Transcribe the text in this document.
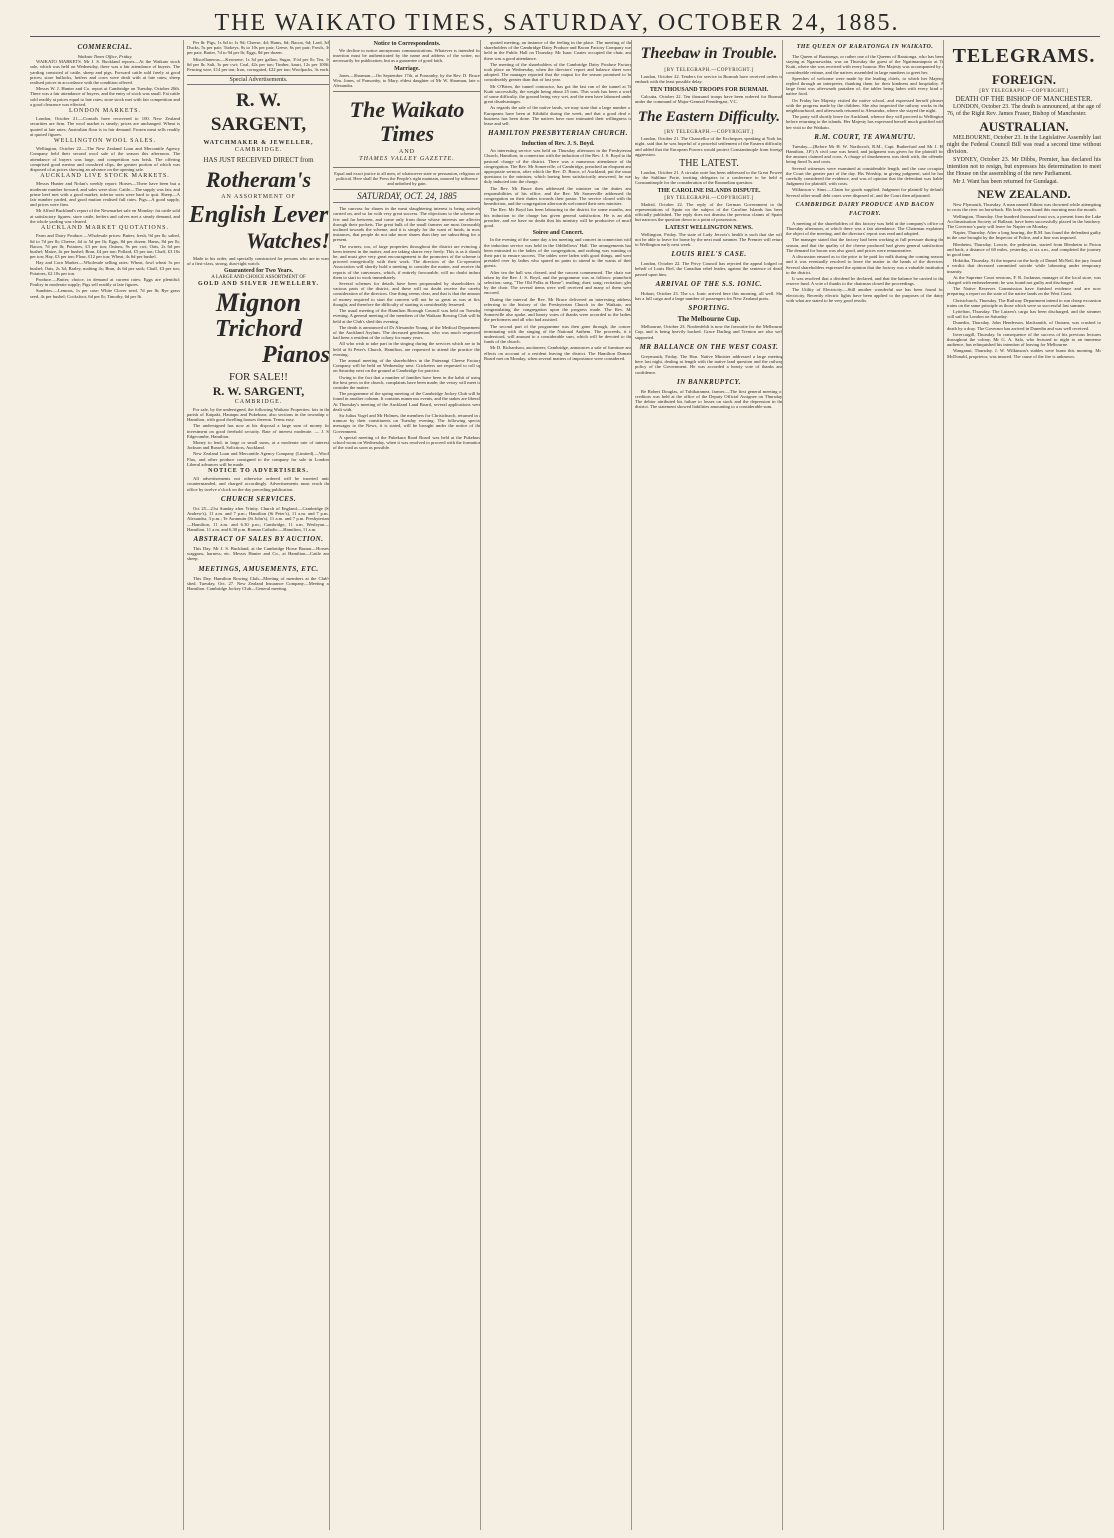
THE WAIKATO TIMES, SATURDAY, OCTOBER 24, 1885.
COMMERCIAL.
Waikato Times Office, Friday.

WAIKATO MARKETS. Mr J. S. Buckland reports—At the Waikato stock sale, which was held on Wednesday, there was a fair attendance of buyers. The yarding consisted of cattle, sheep and pigs. Forward cattle sold freely at good prices; store bullocks, heifers and cows were dealt with at late rates; sheep realised prices in accordance with the condition offered.

Messrs W. J. Hunter and Co. report at Cambridge on Tuesday, October 20th. There was a fair attendance of buyers, and the entry of stock was small. Fat cattle sold readily at prices equal to late rates; store stock met with fair competition and a good clearance was effected.

LONDON MARKETS.

London, October 21.—Consols have recovered to 100. New Zealand securities are firm. The wool market is steady; prices are unchanged. Wheat is quoted at late rates; Australian flour is in fair demand. Frozen meat sells readily at quoted figures.

WELLINGTON WOOL SALES.

Wellington, October 22.—The New Zealand Loan and Mercantile Agency Company held their second wool sale of the season this afternoon. The attendance of buyers was large, and competition was brisk. The offering comprised good merino and crossbred clips, the greater portion of which was disposed of at prices showing an advance on the opening sale.

AUCKLAND LIVE STOCK MARKETS.

Messrs Hunter and Nolan's weekly report: Horses—There have been but a moderate number forward, and sales were slow. Cattle—The supply was fair, and prime beef met with a good market; inferior sorts were hard to quit. Sheep—A fair number yarded, and good mutton realised full rates. Pigs—A good supply, and prices were firm.

Mr Alfred Buckland's report of the Newmarket sale on Monday: fat cattle sold at satisfactory figures; store cattle, heifers and calves met a steady demand, and the whole yarding was cleared.

AUCKLAND MARKET QUOTATIONS.

Farm and Dairy Produce.—Wholesale prices: Butter, fresh, 9d per lb; salted, 6d to 7d per lb; Cheese, 4d to 5d per lb; Eggs, 8d per dozen; Hams, 8d per lb; Bacon, 7d per lb; Potatoes, £3 per ton; Onions, 9s per cwt; Oats, 2s 6d per bushel; Maize, 4s per bushel; Bran, £4 per ton; Pollard, £5 per ton; Chaff, £3 10s per ton; Hay, £3 per ton; Flour, £12 per ton; Wheat, 4s 6d per bushel.

Hay and Corn Market.—Wholesale selling rates: Wheat, fowl wheat 3s per bushel; Oats, 2s 3d; Barley, malting 4s; Bran, 4s 6d per sack; Chaff, £3 per ton; Potatoes, £2 10s per ton.

Produce.—Butter, choice, in demand at current rates; Eggs are plentiful; Poultry in moderate supply; Pigs sell readily at late figures.

Sundries.—Lemons, 1s per case; White Clover seed, 7d per lb; Rye grass seed, 4s per bushel; Cocksfoot, 6d per lb; Timothy, 6d per lb.

Per lb: Pigs, 1s 6d to 1s 9d; Cheese, 4d; Hams, 6d; Bacon, 6d; Lard, 3d; Ducks, 5s per pair; Turkeys, 8s to 10s per pair; Geese, 6s per pair; Fowls, 3s per pair; Butter, 7d to 9d per lb; Eggs, 8d per dozen.

Miscellaneous.—Kerosene, 1s 3d per gallon; Sugar, 3½d per lb; Tea, 1s 6d per lb; Salt, 3s per cwt; Coal, 42s per ton; Timber, kauri, 12s per 100ft; Fencing wire, £14 per ton; Iron, corrugated, £22 per ton; Woolpacks, 3s each.

Special Advertisements.
R. W. SARGENT,
WATCHMAKER & JEWELLER,
CAMBRIDGE.
HAS JUST RECEIVED DIRECT from
Rotheram's
AN ASSORTMENT OF
English Lever
Watches!

Made to his order, and specially constructed for persons who are in want of a first-class, strong, dust-tight watch.

Guaranteed for Two Years.
A LARGE AND CHOICE ASSORTMENT OF
GOLD AND SILVER JEWELLERY.
Mignon
Trichord
Pianos
FOR SALE!!
R. W. SARGENT,
CAMBRIDGE.

For sale, by the undersigned, the following Waikato Properties: lots in the parish of Kaipaki, Hautapu and Pukekura; also sections in the township of Hamilton, with good dwelling houses thereon. Terms easy.

The undersigned has now at his disposal a large sum of money for investment on good freehold security. Rate of interest moderate. — J. S. Edgecumbe, Hamilton.

Money to lend, in large or small sums, at a moderate rate of interest. Jackson and Russell, Solicitors, Auckland.

New Zealand Loan and Mercantile Agency Company (Limited).—Wool, Flax, and other produce consigned to the company for sale in London. Liberal advances will be made.

NOTICE TO ADVERTISERS.

All advertisements not otherwise ordered will be inserted until countermanded, and charged accordingly. Advertisements must reach the office by twelve o'clock on the day preceding publication.

CHURCH SERVICES.

Oct 25—21st Sunday after Trinity. Church of England.—Cambridge (St Andrew's), 11 a.m. and 7 p.m.; Hamilton (St Peter's), 11 a.m. and 7 p.m.; Alexandra, 3 p.m.; Te Awamutu (St John's), 11 a.m. and 7 p.m. Presbyterian.—Hamilton, 11 a.m. and 6.30 p.m.; Cambridge, 11 a.m. Wesleyan.—Hamilton, 11 a.m. and 6.30 p.m. Roman Catholic.—Hamilton, 11 a.m.

ABSTRACT OF SALES BY AUCTION.

This Day. Mr J. S. Buckland, at the Cambridge Horse Bazaar—Horses, waggons, harness, etc. Messrs Hunter and Co., at Hamilton—Cattle and sheep.

MEETINGS, AMUSEMENTS, ETC.

This Day. Hamilton Rowing Club—Meeting of members at the Club's shed. Tuesday, Oct. 27. New Zealand Insurance Company—Meeting at Hamilton. Cambridge Jockey Club—General meeting.

Notice to Correspondents.

We decline to notice anonymous communications. Whatever is intended for insertion must be authenticated by the name and address of the writer, not necessarily for publication, but as a guarantee of good faith.

Marriage.

Jones—Sharman.—On September 17th, at Ponsonby, by the Rev. D. Bruce, Wm. Jones, of Ponsonby, to Mary, eldest daughter of Mr W. Sharman, late of Alexandra.

The Waikato Times
AND
THAMES VALLEY GAZETTE.
Equal and exact justice to all men, of whatsoever state or persuasion, religious or political. Here shall the Press the People's right maintain, unawed by influence and unbribed by gain.
SATURDAY, OCT. 24, 1885

The canvass for shares in the meat slaughtering interest is being actively carried on, and so far with very great success. The objections to the scheme are few and far between, and come only from those whose interests are affected through their pockets. The great bulk of the small farmers are most favourably inclined towards the scheme, and it is simply for the want of funds, in most instances, that people do not take more shares than they are subscribing for at present.

The owners, too, of large properties throughout the district are evincing a keen interest in the matter, and are taking shares very freely. This is as it should be, and must give very great encouragement to the promoters of the scheme to proceed energetically with their work. The directors of the Co-operative Association will shortly hold a meeting to consider the matter, and receive the reports of the canvassers, which, if entirely favourable, will no doubt induce them to start to work immediately.

Several schemes for details have been propounded by shareholders in various parts of the district, and these will no doubt receive the careful consideration of the directors. One thing seems clear, and that is that the amount of money required to start the concern will not be so great as was at first thought, and therefore the difficulty of starting is considerably lessened.

The usual meeting of the Hamilton Borough Council was held on Tuesday evening. A general meeting of the members of the Waikato Rowing Club will be held at the Club's shed this evening.

The death is announced of Dr Alexander Young, of the Medical Department, of the Auckland Asylum. The deceased gentleman, who was much respected, had been a resident of the colony for many years.

All who wish to take part in the singing during the services which are to be held at St Peter's Church, Hamilton, are requested to attend the practice this evening.

The annual meeting of the shareholders in the Paterangi Cheese Factory Company will be held on Wednesday next. Cricketers are requested to roll up on Saturday next on the ground at Cambridge for practice.

Owing to the fact that a number of families have been in the habit of using the best pews in the church, complaints have been made; the vestry will meet to consider the matter.

The programme of the spring meeting of the Cambridge Jockey Club will be found in another column. It contains numerous events, and the stakes are liberal. At Thursday's meeting of the Auckland Land Board, several applications were dealt with.

Sir Julius Vogel and Mr Holmes, the members for Christchurch, returned in a tramcar by their constituents on Tuesday evening. The following special messages to the News, it is stated, will be brought under the notice of the Government.

A special meeting of the Pukekura Road Board was held at the Pukekura school-room on Wednesday, when it was resolved to proceed with the formation of the road as soon as possible.

quoted meeting, an instance of the feeling in the place. The meeting of the shareholders of the Cambridge Dairy Produce and Bacon Factory Company was held in the Public Hall on Thursday. Mr Isaac Coates occupied the chair, and there was a good attendance.

The meeting of the shareholders of the Cambridge Dairy Produce Factory took place on Wednesday, when the directors' report and balance sheet were adopted. The manager reported that the output for the season promised to be considerably greater than that of last year.

Mr O'Brien, the tunnel contractor, has got the last run of the tunnel at Te Kuiti successfully, the weight being about 25 tons. This work has been a work of some difficulty, the ground being very wet, and the men have laboured under great disadvantages.

As regards the sale of the native lands, we may state that a large number of Europeans have been at Kihikihi during the week, and that a good deal of business has been done. The natives have now intimated their willingness to lease and sell.

HAMILTON PRESBYTERIAN CHURCH.
Induction of Rev. J. S. Boyd.

An interesting service was held on Thursday afternoon in the Presbyterian Church, Hamilton, in connection with the induction of the Rev. J. S. Boyd to the pastoral charge of the district. There was a numerous attendance of the congregation. The Rev. Mr Somerville, of Cambridge, preached an eloquent and appropriate sermon, after which the Rev. D. Bruce, of Auckland, put the usual questions to the minister, which having been satisfactorily answered, he was duly inducted into the charge.

The Rev. Mr Bruce then addressed the minister on the duties and responsibilities of his office, and the Rev. Mr Somerville addressed the congregation on their duties towards their pastor. The service closed with the benediction, and the congregation afterwards welcomed their new minister.

The Rev. Mr Boyd has been labouring in the district for some months, and his induction to the charge has given general satisfaction. He is an able preacher, and we have no doubt that his ministry will be productive of much good.

Soiree and Concert.

In the evening of the same day a tea meeting and concert in connection with the induction service was held in the Oddfellows' Hall. The arrangements had been entrusted to the ladies of the congregation, and nothing was wanting on their part to ensure success. The tables were laden with good things, and were presided over by ladies who spared no pains to attend to the wants of their guests.

After tea the hall was cleared, and the concert commenced. The chair was taken by the Rev. J. S. Boyd, and the programme was as follows: pianoforte selection; song, "The Old Folks at Home"; reading; duet; song; recitation; glee by the choir. The several items were well received and many of them were encored.

During the interval the Rev. Mr Bruce delivered an interesting address, referring to the history of the Presbyterian Church in the Waikato, and congratulating the congregation upon the progress made. The Rev. Mr Somerville also spoke, and hearty votes of thanks were accorded to the ladies, the performers and all who had assisted.

The second part of the programme was then gone through, the concert terminating with the singing of the National Anthem. The proceeds, it is understood, will amount to a considerable sum, which will be devoted to the funds of the church.

Mr D. Richardson, auctioneer, Cambridge, announces a sale of furniture and effects on account of a resident leaving the district. The Hamilton Domain Board met on Monday, when several matters of importance were considered.

Theebaw in Trouble.
[BY TELEGRAPH.—COPYRIGHT.]

London, October 22. Tenders for service in Burmah have received orders to embark with the least possible delay.

TEN THOUSAND TROOPS FOR BURMAH.

Calcutta, October 22. Ten thousand troops have been ordered for Burmah under the command of Major-General Prendergast, V.C.

The Eastern Difficulty.
[BY TELEGRAPH.—COPYRIGHT.]

London, October 21. The Chancellor of the Exchequer, speaking at York last night, said that he was hopeful of a peaceful settlement of the Eastern difficulty, and added that the European Powers would protect Constantinople from foreign aggression.

THE LATEST.

London, October 21. A circular note has been addressed to the Great Powers by the Sublime Porte, inviting delegates to a conference to be held at Constantinople for the consideration of the Roumelian question.

THE CAROLINE ISLANDS DISPUTE.
[BY TELEGRAPH.—COPYRIGHT.]

Madrid, October 22. The reply of the German Government to the representations of Spain on the subject of the Caroline Islands has been officially published. The reply does not dismiss the previous claims of Spain, but narrows the question down to a point of possession.

LATEST WELLINGTON NEWS.

Wellington, Friday. The state of Lady Jervois's health is such that she will not be able to leave for home by the next mail steamer. The Premier will return to Wellington early next week.

LOUIS RIEL'S CASE.

London, October 22. The Privy Council has rejected the appeal lodged on behalf of Louis Riel, the Canadian rebel leader, against the sentence of death passed upon him.

ARRIVAL OF THE S.S. IONIC.

Hobart, October 23. The s.s. Ionic arrived here this morning, all well. She has a full cargo and a large number of passengers for New Zealand ports.

SPORTING.
The Melbourne Cup.

Melbourne, October 23. Nordenfeldt is now the favourite for the Melbourne Cup, and is being heavily backed. Grace Darling and Trenton are also well supported.

MR BALLANCE ON THE WEST COAST.

Greymouth, Friday. The Hon. Native Minister addressed a large meeting here last night, dealing at length with the native land question and the railway policy of the Government. He was accorded a hearty vote of thanks and confidence.

IN BANKRUPTCY.

Re Robert Douglas, of Tuhikaramea, farmer.—The first general meeting of creditors was held at the office of the Deputy Official Assignee on Thursday. The debtor attributed his failure to losses on stock and the depression in the district. The statement showed liabilities amounting to a considerable sum.

THE QUEEN OF RARATONGA IN WAIKATO.

The Queen of Raratonga, or rather one of the Queens of Raratonga, who has been staying at Ngaruawahia, was on Thursday the guest of the Ngatimaniapoto at Te Kuiti, where she was received with every honour. Her Majesty was accompanied by a considerable retinue, and the natives assembled in large numbers to greet her.

Speeches of welcome were made by the leading chiefs, to which her Majesty replied through an interpreter, thanking them for their kindness and hospitality. A large feast was afterwards partaken of, the tables being laden with every kind of native food.

On Friday her Majesty visited the native school, and expressed herself pleased with the progress made by the children. She also inspected the railway works in the neighbourhood, and afterwards returned to Alexandra, where she stayed the night.

The party will shortly leave for Auckland, whence they will proceed to Wellington before returning to the islands. Her Majesty has expressed herself much gratified with her visit to the Waikato.

R.M. COURT, TE AWAMUTU.

Tuesday.—(Before Mr H. W. Northcroft, R.M., Capt. Rutherfurd and Mr J. H. Hamilton, J.P.) A civil case was heard, and judgment was given for the plaintiff for the amount claimed and costs. A charge of drunkenness was dealt with, the offender being fined 5s and costs.

Several witnesses were examined at considerable length, and the case occupied the Court the greater part of the day. His Worship, in giving judgment, said he had carefully considered the evidence, and was of opinion that the defendant was liable. Judgment for plaintiff, with costs.

Wilkinson v. Sims.—Claim for goods supplied. Judgment for plaintiff by default. Several other small debt cases were disposed of, and the Court then adjourned.

CAMBRIDGE DAIRY PRODUCE AND BACON FACTORY.

A meeting of the shareholders of this factory was held at the company's office on Thursday afternoon, at which there was a fair attendance. The Chairman explained the object of the meeting, and the directors' report was read and adopted.

The manager stated that the factory had been working at full pressure during the season, and that the quality of the cheese produced had given general satisfaction. The demand for bacon was also good, and prices were remunerative.

A discussion ensued as to the price to be paid for milk during the coming season, and it was eventually resolved to leave the matter in the hands of the directors. Several shareholders expressed the opinion that the factory was a valuable institution to the district.

It was resolved that a dividend be declared, and that the balance be carried to the reserve fund. A vote of thanks to the chairman closed the proceedings.

The Utility of Electricity.—Still another wonderful use has been found for electricity. Recently electric lights have been applied to the purposes of the dairy, with what are stated to be very good results.

TELEGRAMS.
FOREIGN.
[BY TELEGRAPH.—COPYRIGHT.]
DEATH OF THE BISHOP OF MANCHESTER.

LONDON, October 23. The death is announced, at the age of 76, of the Right Rev. James Fraser, Bishop of Manchester.

AUSTRALIAN.

MELBOURNE, October 23. In the Legislative Assembly last night the Federal Council Bill was read a second time without division.

SYDNEY, October 23. Mr Dibbs, Premier, has declared his intention not to resign, but expresses his determination to meet the House on the assembling of the new Parliament.

Mr J. Want has been returned for Gundagai.

NEW ZEALAND.

New Plymouth, Thursday. A man named Edkins was drowned while attempting to cross the river on horseback. His body was found this morning near the mouth.

Wellington, Thursday. One hundred thousand trout ova, a present from the Lake Acclimatisation Society of Ballarat, have been successfully placed in the hatchery. The Governor's party will leave for Napier on Monday.

Napier, Thursday. After a long hearing, the R.M. has found the defendant guilty in the case brought by the Inspector of Police, and a fine was imposed.

Blenheim, Thursday. Lowrie, the pedestrian, started from Blenheim to Picton and back, a distance of 60 miles, yesterday, at six a.m., and completed the journey in good time.

Hokitika, Thursday. At the inquest on the body of Daniel McNeil, the jury found a verdict that deceased committed suicide while labouring under temporary insanity.

At the Supreme Court sessions, F. R. Jackman, manager of the local store, was charged with embezzlement; he was found not guilty and discharged.

The Native Reserves Commission have finished evidence and are now preparing a report on the state of the native lands on the West Coast.

Christchurch, Thursday. The Railway Department intend to run cheap excursion trains on the same principle as those which were so successful last summer.

Lyttelton, Thursday. The Lutzen's cargo has been discharged, and the steamer will sail for London on Saturday.

Dunedin, Thursday. John Henderson, blacksmith, of Outram, was crushed to death by a dray. The Governor has arrived in Dunedin and was well received.

Invercargill, Thursday. In consequence of the success of his previous lectures throughout the colony, Mr G. A. Sala, who lectured to night to an immense audience, has relinquished his intention of leaving for Melbourne.

Wanganui, Thursday. J. W. Wilkinson's stables were burnt this morning. Mr McDonald, proprietor, was insured. The cause of the fire is unknown.
